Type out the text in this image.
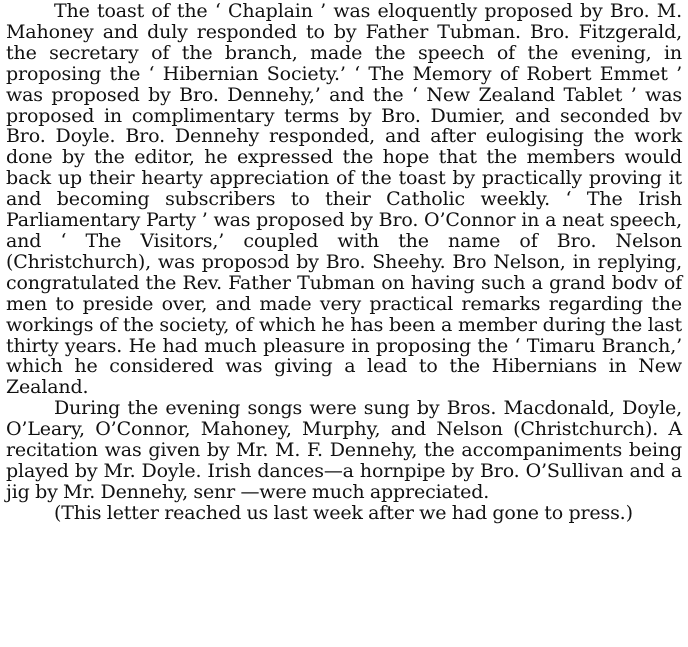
The toast of the ‘ Chaplain ’ was eloquently proposed by Bro. M. Mahoney and duly responded to by Father Tubman. Bro. Fitzgerald, the secretary of the branch, made the speech of the evening, in proposing the ‘ Hibernian Society.’ ‘ The Memory of Robert Emmet ’ was proposed by Bro. Dennehy,’ and the ‘ New Zealand Tablet ’ was proposed in complimentary terms by Bro. Dumier, and seconded bv Bro. Doyle. Bro. Dennehy responded, and after eulogising the work done by the editor, he expressed the hope that the members would back up their hearty appreciation of the toast by practically proving it and becoming subscribers to their Catholic weekly. ‘ The Irish Parliamentary Party ’ was proposed by Bro. O’Connor in a neat speech, and ‘ The Visitors,’ coupled with the name of Bro. Nelson (Christchurch), was proposɔd by Bro. Sheehy. Bro Nelson, in replying, congratulated the Rev. Father Tubman on having such a grand bodv of men to preside over, and made very practical remarks regarding the workings of the society, of which he has been a member during the last thirty years. He had much pleasure in proposing the ‘ Timaru Branch,’ which he considered was giving a lead to the Hibernians in New Zealand.

During the evening songs were sung by Bros. Macdonald, Doyle, O’Leary, O’Connor, Mahoney, Murphy, and Nelson (Christchurch). A recitation was given by Mr. M. F. Dennehy, the accompaniments being played by Mr. Doyle. Irish dances—a hornpipe by Bro. O’Sullivan and a jig by Mr. Dennehy, senr —were much appreciated.

(This letter reached us last week after we had gone to press.)
